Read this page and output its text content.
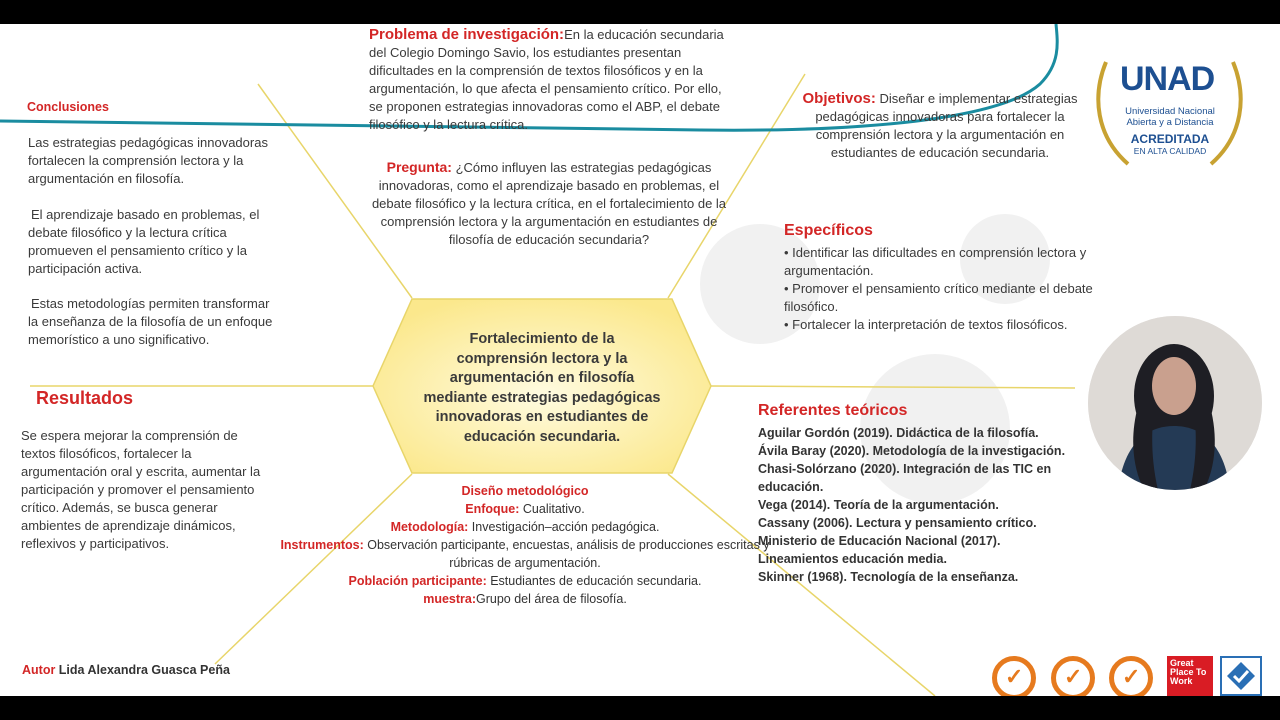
Conclusiones
Las estrategias pedagógicas innovadoras fortalecen la comprensión lectora y la argumentación en filosofía.
El aprendizaje basado en problemas, el debate filosófico y la lectura crítica promueven el pensamiento crítico y la participación activa.
Estas metodologías permiten transformar la enseñanza de la filosofía de un enfoque memorístico a uno significativo.
Resultados
Se espera mejorar la comprensión de textos filosóficos, fortalecer la argumentación oral y escrita, aumentar la participación y promover el pensamiento crítico. Además, se busca generar ambientes de aprendizaje dinámicos, reflexivos y participativos.
Autor Lida Alexandra Guasca Peña
Problema de investigación:En la educación secundaria del Colegio Domingo Savio, los estudiantes presentan dificultades en la comprensión de textos filosóficos y en la argumentación, lo que afecta el pensamiento crítico. Por ello, se proponen estrategias innovadoras como el ABP, el debate filosófico y la lectura crítica.
Pregunta: ¿Cómo influyen las estrategias pedagógicas innovadoras, como el aprendizaje basado en problemas, el debate filosófico y la lectura crítica, en el fortalecimiento de la comprensión lectora y la argumentación en estudiantes de filosofía de educación secundaria?
Fortalecimiento de la comprensión lectora y la argumentación en filosofía mediante estrategias pedagógicas innovadoras en estudiantes de educación secundaria.
Diseño metodológico
Enfoque: Cualitativo.
Metodología: Investigación–acción pedagógica.
Instrumentos: Observación participante, encuestas, análisis de producciones escritas y rúbricas de argumentación.
Población participante: Estudiantes de educación secundaria.
muestra:Grupo del área de filosofía.
Objetivos: Diseñar e implementar estrategias pedagógicas innovadoras para fortalecer la comprensión lectora y la argumentación en estudiantes de educación secundaria.
Específicos
• Identificar las dificultades en comprensión lectora y argumentación.
• Promover el pensamiento crítico mediante el debate filosófico.
• Fortalecer la interpretación de textos filosóficos.
Referentes teóricos
Aguilar Gordón (2019). Didáctica de la filosofía.
Ávila Baray (2020). Metodología de la investigación.
Chasi-Solórzano (2020). Integración de las TIC en educación.
Vega (2014). Teoría de la argumentación.
Cassany (2006). Lectura y pensamiento crítico.
Ministerio de Educación Nacional (2017). Lineamientos educación media.
Skinner (1968). Tecnología de la enseñanza.
UNAD
Universidad Nacional
Abierta y a Distancia
ACREDITADA
EN ALTA CALIDAD
✓ ✓ ✓
Great Place To Work
